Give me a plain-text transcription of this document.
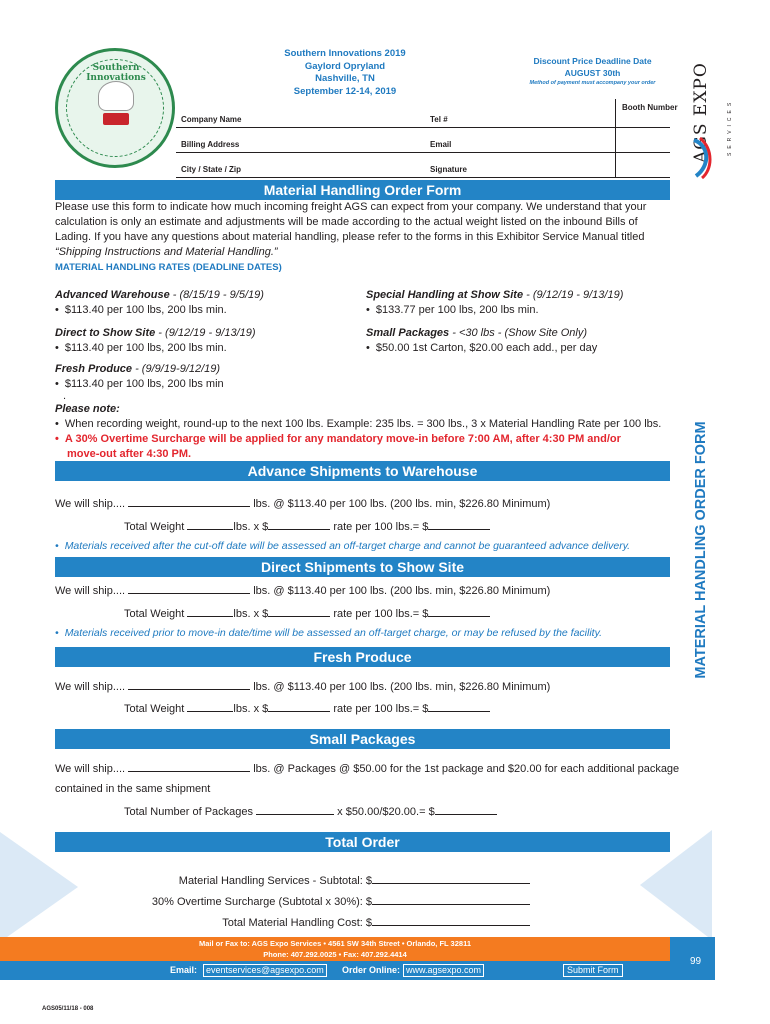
Southern Innovations
Southern Innovations 2019
Gaylord Opryland
Nashville, TN
September 12-14, 2019
Discount Price Deadline Date
AUGUST 30th
Method of payment must accompany your order	AGS EXPO	SERVICES
MATERIAL HANDLING ORDER FORM
Booth Number
Company Name	Tel #
Billing Address	Email
City / State / Zip	Signature
Material Handling Order Form
Please use this form to indicate how much incoming freight AGS can expect from your company. We understand that your calculation is only an estimate and adjustments will be made according to the actual weight listed on the inbound Bills of Lading. If you have any questions about material handling, please refer to the forms in this Exhibitor Service Manual titled
“Shipping Instructions and Material Handling.”
MATERIAL HANDLING RATES (DEADLINE DATES)
Advanced Warehouse - (8/15/19 - 9/5/19)
• $113.40 per 100 lbs, 200 lbs min.
Special Handling at Show Site - (9/12/19 - 9/13/19)
• $133.77 per 100 lbs, 200 lbs min.
Direct to Show Site - (9/12/19 - 9/13/19)
• $113.40 per 100 lbs, 200 lbs min.
Small Packages - <30 lbs - (Show Site Only)
• $50.00 1st Carton, $20.00 each add., per day
Fresh Produce - (9/9/19-9/12/19)
• $113.40 per 100 lbs, 200 lbs min
.
Please note:
• When recording weight, round-up to the next 100 lbs. Example: 235 lbs. = 300 lbs., 3 x Material Handling Rate per 100 lbs.
• A 30% Overtime Surcharge will be applied for any mandatory move-in before 7:00 AM, after 4:30 PM and/or
move-out after 4:30 PM.
Advance Shipments to Warehouse
We will ship....	lbs. @ $113.40 per 100 lbs. (200 lbs. min, $226.80 Minimum)
Total Weight	lbs. x $	rate per 100 lbs.= $
• Materials received after the cut-off date will be assessed an off-target charge and cannot be guaranteed advance delivery.
Direct Shipments to Show Site
We will ship....	lbs. @ $113.40 per 100 lbs. (200 lbs. min, $226.80 Minimum)
Total Weight	lbs. x $	rate per 100 lbs.= $
• Materials received prior to move-in date/time will be assessed an off-target charge, or may be refused by the facility.
Fresh Produce
We will ship....	lbs. @ $113.40 per 100 lbs. (200 lbs. min, $226.80 Minimum)
Total Weight	lbs. x $	rate per 100 lbs.= $
Small Packages
We will ship....	lbs. @ Packages @ $50.00 for the 1st package and $20.00 for each additional package
contained in the same shipment
Total Number of Packages	x $50.00/$20.00.= $
Total Order
Material Handling Services - Subtotal: $
30% Overtime Surcharge (Subtotal x 30%): $
Total Material Handling Cost: $
Mail or Fax to: AGS Expo Services • 4561 SW 34th Street • Orlando, FL 32811
Phone: 407.292.0025 • Fax: 407.292.4414
Email: eventservices@agsexpo.com	Order Online: www.agsexpo.com	Submit Form
99
AGS05/11/18 - 008
